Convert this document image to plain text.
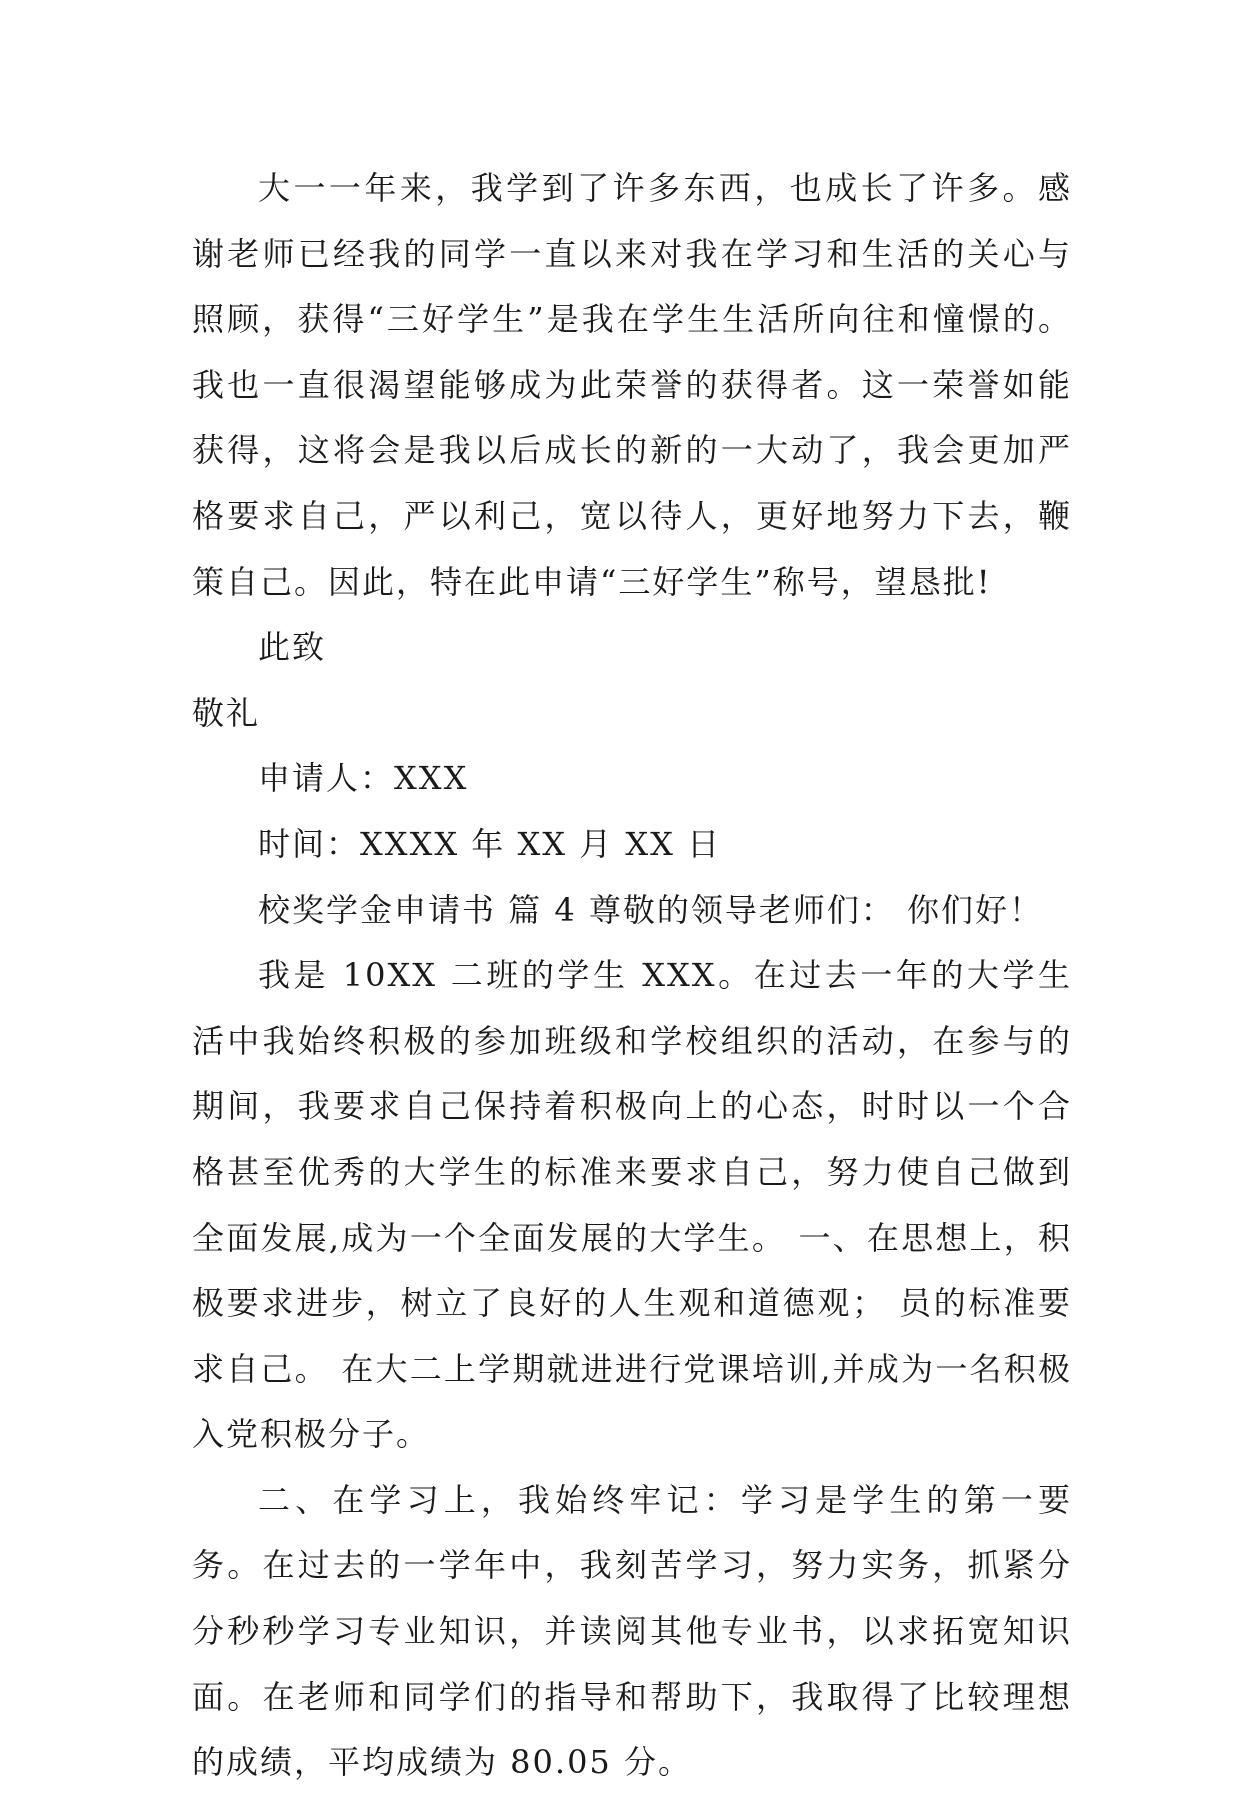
大一一年来，我学到了许多东西，也成长了许多。感谢老师已经我的同学一直以来对我在学习和生活的关心与照顾，获得“三好学生”是我在学生生活所向往和憧憬的。我也一直很渴望能够成为此荣誉的获得者。这一荣誉如能获得，这将会是我以后成长的新的一大动了，我会更加严格要求自己，严以利己，宽以待人，更好地努力下去，鞭策自己。因此，特在此申请“三好学生”称号，望恳批!

此致

敬礼

申请人：XXX

时间：XXXX 年 XX 月 XX 日

校奖学金申请书 篇 4 尊敬的领导老师们： 你们好！

我是 10XX 二班的学生 XXX。在过去一年的大学生活中我始终积极的参加班级和学校组织的活动，在参与的期间，我要求自己保持着积极向上的心态，时时以一个合格甚至优秀的大学生的标准来要求自己，努力使自己做到全面发展,成为一个全面发展的大学生。 一、在思想上，积极要求进步，树立了良好的人生观和道德观； 员的标准要求自己。 在大二上学期就进进行党课培训,并成为一名积极入党积极分子。

二、在学习上，我始终牢记：学习是学生的第一要务。在过去的一学年中，我刻苦学习，努力实务，抓紧分分秒秒学习专业知识，并读阅其他专业书，以求拓宽知识面。在老师和同学们的指导和帮助下，我取得了比较理想的成绩，平均成绩为 80.05 分。
